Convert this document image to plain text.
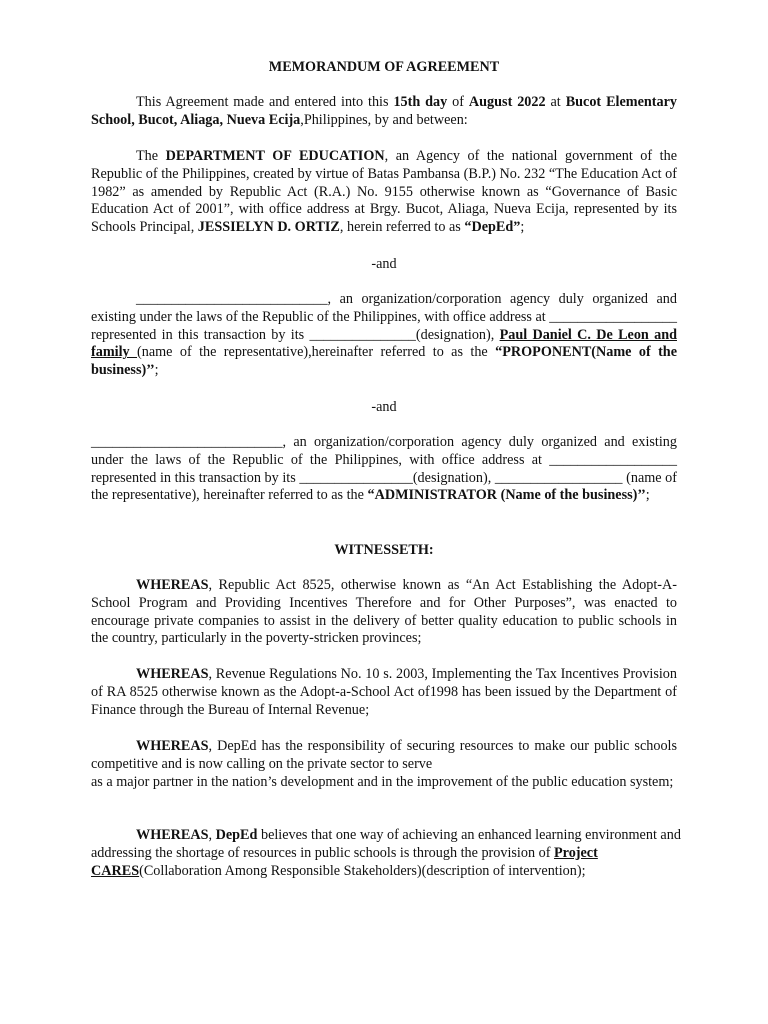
MEMORANDUM OF AGREEMENT
This Agreement made and entered into this 15th day of August 2022 at Bucot Elementary School, Bucot, Aliaga, Nueva Ecija,Philippines, by and between:
The DEPARTMENT OF EDUCATION, an Agency of the national government of the Republic of the Philippines, created by virtue of Batas Pambansa (B.P.) No. 232 “The Education Act of 1982” as amended by Republic Act (R.A.) No. 9155 otherwise known as “Governance of Basic Education Act of 2001”, with office address at Brgy. Bucot, Aliaga, Nueva Ecija, represented by its Schools Principal, JESSIELYN D. ORTIZ, herein referred to as “DepEd”;
-and
___________________________, an organization/corporation agency duly organized and existing under the laws of the Republic of the Philippines, with office address at __________________ represented in this transaction by its _______________(designation), Paul Daniel C. De Leon and family (name of the representative),hereinafter referred to as the “PROPONENT(Name of the business)’’;
-and
___________________________, an organization/corporation agency duly organized and existing under the laws of the Republic of the Philippines, with office address at __________________ represented in this transaction by its ________________(designation), __________________ (name of the representative), hereinafter referred to as the “ADMINISTRATOR (Name of the business)’’;
WITNESSETH:
WHEREAS, Republic Act 8525, otherwise known as “An Act Establishing the Adopt-A-School Program and Providing Incentives Therefore and for Other Purposes”, was enacted to encourage private companies to assist in the delivery of better quality education to public schools in the country, particularly in the poverty-stricken provinces;
WHEREAS, Revenue Regulations No. 10 s. 2003, Implementing the Tax Incentives Provision of RA 8525 otherwise known as the Adopt-a-School Act of1998 has been issued by the Department of Finance through the Bureau of Internal Revenue;
WHEREAS, DepEd has the responsibility of securing resources to make our public schools competitive and is now calling on the private sector to serve
as a major partner in the nation’s development and in the improvement of the public education system;
WHEREAS, DepEd believes that one way of achieving an enhanced learning environment and addressing the shortage of resources in public schools is through the provision of Project CARES(Collaboration Among Responsible Stakeholders)(description of intervention);
